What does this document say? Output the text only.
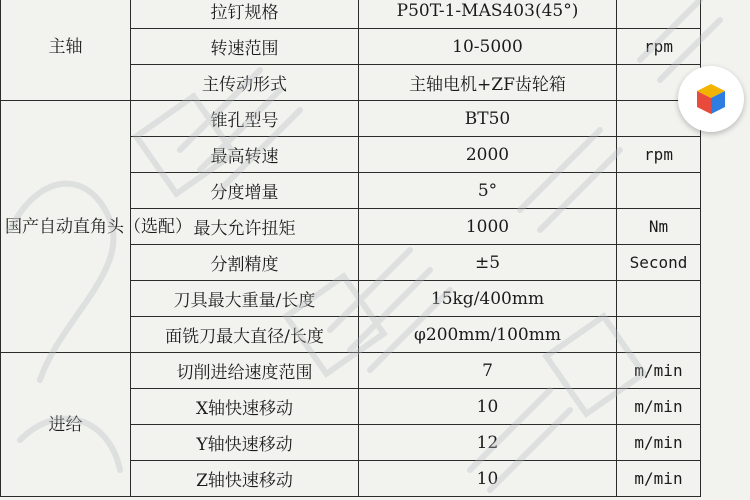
主轴	拉钉规格	P50T-1-MAS403(45°)	
	转速范围	10-5000	rpm
	主传动形式	主轴电机+ZF齿轮箱	
国产自动直角头（选配）	锥孔型号	BT50	
	最高转速	2000	rpm
	分度增量	5°	
	最大允许扭矩	1000	Nm
	分割精度	±5	Second
	刀具最大重量/长度	15kg/400mm	
	面铣刀最大直径/长度	φ200mm/100mm	
进给	切削进给速度范围	7	m/min
	X轴快速移动	10	m/min
	Y轴快速移动	12	m/min
	Z轴快速移动	10	m/min
